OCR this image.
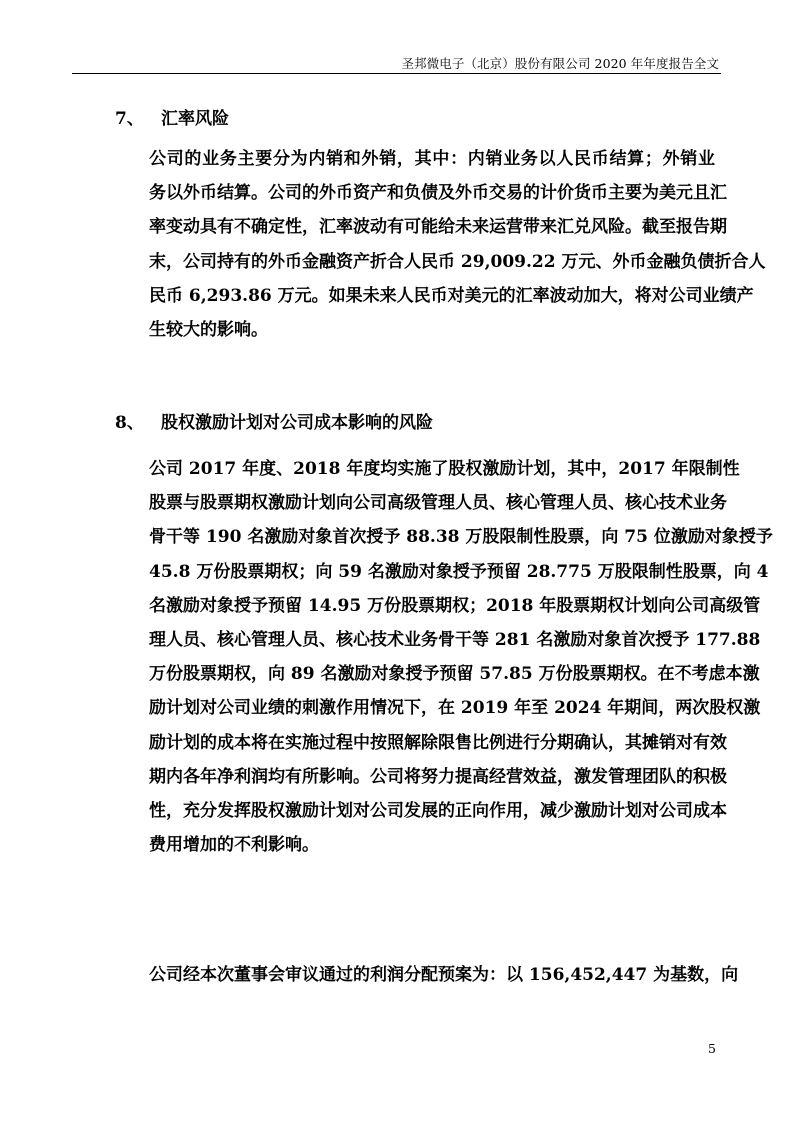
圣邦微电子（北京）股份有限公司 2020 年年度报告全文
7、 汇率风险

公司的业务主要分为内销和外销，其中：内销业务以人民币结算；外销业
务以外币结算。公司的外币资产和负债及外币交易的计价货币主要为美元且汇
率变动具有不确定性，汇率波动有可能给未来运营带来汇兑风险。截至报告期
末，公司持有的外币金融资产折合人民币 29,009.22 万元、外币金融负债折合人
民币 6,293.86 万元。如果未来人民币对美元的汇率波动加大，将对公司业绩产
生较大的影响。

8、 股权激励计划对公司成本影响的风险

公司 2017 年度、2018 年度均实施了股权激励计划，其中，2017 年限制性
股票与股票期权激励计划向公司高级管理人员、核心管理人员、核心技术业务
骨干等 190 名激励对象首次授予 88.38 万股限制性股票，向 75 位激励对象授予
45.8 万份股票期权；向 59 名激励对象授予预留 28.775 万股限制性股票，向 4
名激励对象授予预留 14.95 万份股票期权；2018 年股票期权计划向公司高级管
理人员、核心管理人员、核心技术业务骨干等 281 名激励对象首次授予 177.88
万份股票期权，向 89 名激励对象授予预留 57.85 万份股票期权。在不考虑本激
励计划对公司业绩的刺激作用情况下，在 2019 年至 2024 年期间，两次股权激
励计划的成本将在实施过程中按照解除限售比例进行分期确认，其摊销对有效
期内各年净利润均有所影响。公司将努力提高经营效益，激发管理团队的积极
性，充分发挥股权激励计划对公司发展的正向作用，减少激励计划对公司成本
费用增加的不利影响。

公司经本次董事会审议通过的利润分配预案为：以 156,452,447 为基数，向

5
